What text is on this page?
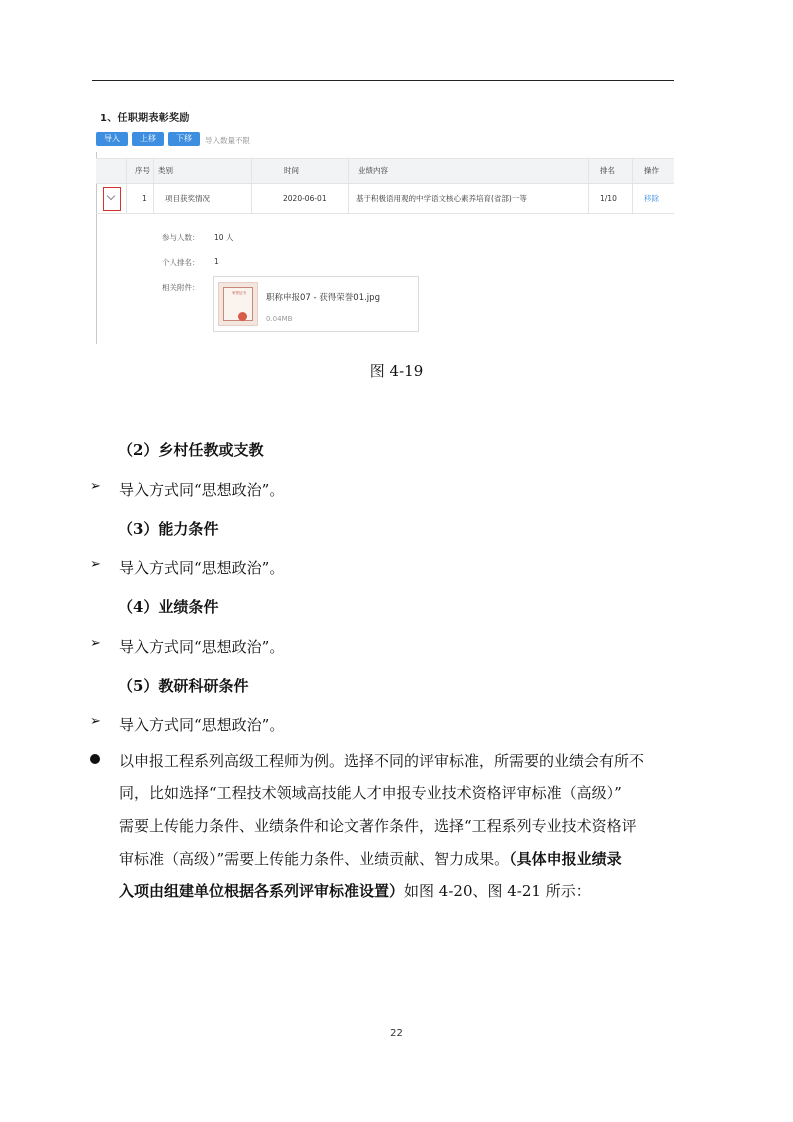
1、任职期表彰奖励
导入	上移	下移	导入数量不限
序号 类别	时间	业绩内容	排名	操作
1 项目获奖情况	2020-06-01	基于积极语用观的中学语文核心素养培育(省部)一等	1/10	移除
参与人数： 10 人
个人排名： 1
相关附件：
荣誉证书 职称申报07 - 获得荣誉01.jpg
0.04MB
图 4-19
（2）乡村任教或支教
➢ 导入方式同“思想政治”。
（3）能力条件
➢ 导入方式同“思想政治”。
（4）业绩条件
➢ 导入方式同“思想政治”。
（5）教研科研条件
➢ 导入方式同“思想政治”。
以申报工程系列高级工程师为例。选择不同的评审标准，所需要的业绩会有所不
同，比如选择“工程技术领域高技能人才申报专业技术资格评审标准（高级）”
需要上传能力条件、业绩条件和论文著作条件，选择“工程系列专业技术资格评
审标准（高级）”需要上传能力条件、业绩贡献、智力成果。（具体申报业绩录
入项由组建单位根据各系列评审标准设置）如图 4-20、图 4-21 所示：
22
